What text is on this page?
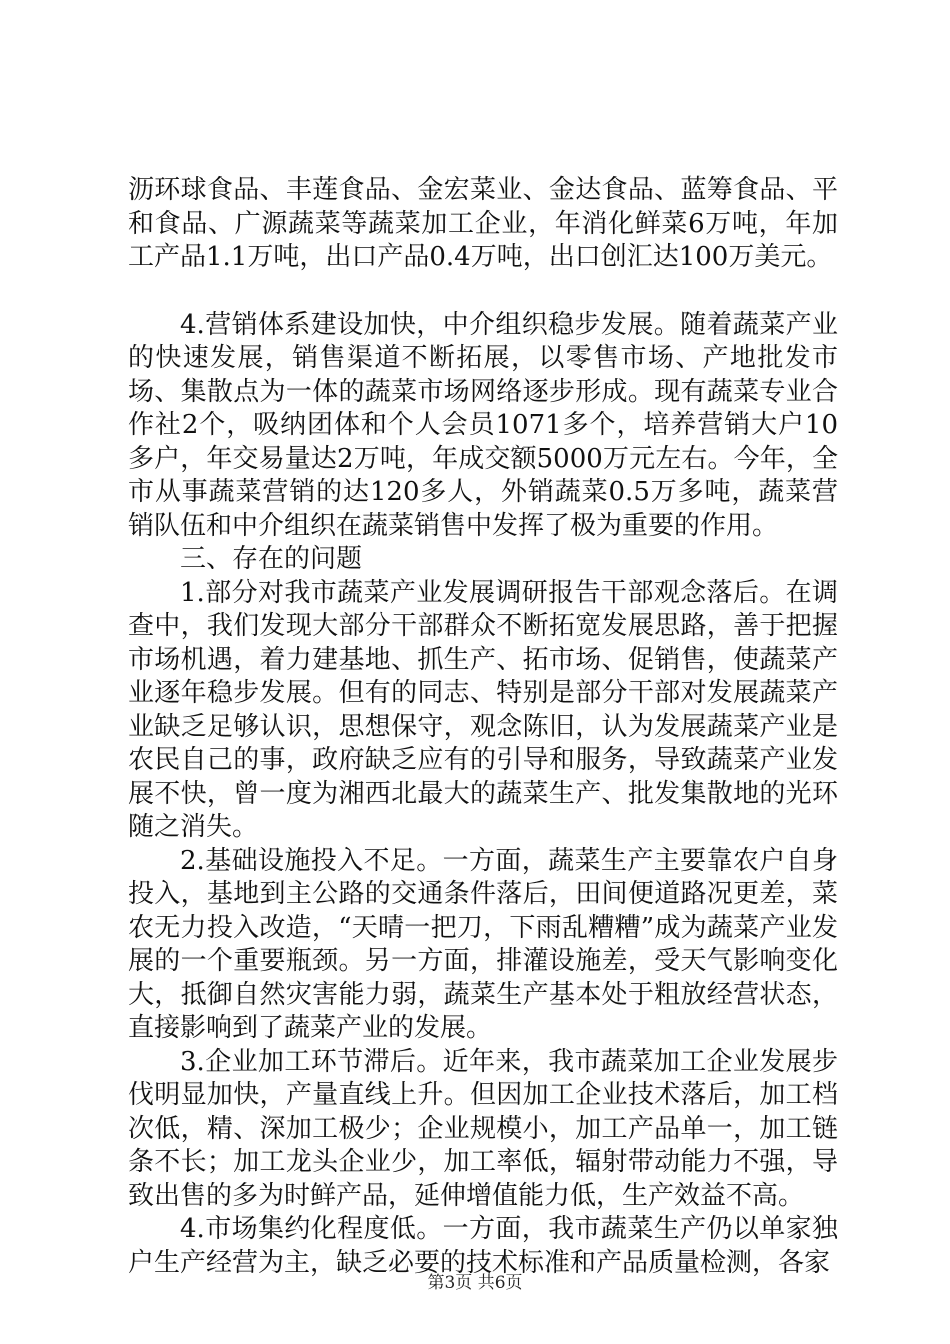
沥环球食品、丰莲食品、金宏菜业、金达食品、蓝筹食品、平和食品、广源蔬菜等蔬菜加工企业，年消化鲜菜6万吨，年加工产品1.1万吨，出口产品0.4万吨，出口创汇达100万美元。

4.营销体系建设加快，中介组织稳步发展。随着蔬菜产业的快速发展，销售渠道不断拓展，以零售市场、产地批发市场、集散点为一体的蔬菜市场网络逐步形成。现有蔬菜专业合作社2个，吸纳团体和个人会员1071多个，培养营销大户10多户，年交易量达2万吨，年成交额5000万元左右。今年，全市从事蔬菜营销的达120多人，外销蔬菜0.5万多吨，蔬菜营销队伍和中介组织在蔬菜销售中发挥了极为重要的作用。

三、存在的问题

1.部分对我市蔬菜产业发展调研报告干部观念落后。在调查中，我们发现大部分干部群众不断拓宽发展思路，善于把握市场机遇，着力建基地、抓生产、拓市场、促销售，使蔬菜产业逐年稳步发展。但有的同志、特别是部分干部对发展蔬菜产业缺乏足够认识，思想保守，观念陈旧，认为发展蔬菜产业是农民自己的事，政府缺乏应有的引导和服务，导致蔬菜产业发展不快，曾一度为湘西北最大的蔬菜生产、批发集散地的光环随之消失。

2.基础设施投入不足。一方面，蔬菜生产主要靠农户自身投入，基地到主公路的交通条件落后，田间便道路况更差，菜农无力投入改造，“天晴一把刀，下雨乱糟糟”成为蔬菜产业发展的一个重要瓶颈。另一方面，排灌设施差，受天气影响变化大，抵御自然灾害能力弱，蔬菜生产基本处于粗放经营状态，直接影响到了蔬菜产业的发展。

3.企业加工环节滞后。近年来，我市蔬菜加工企业发展步伐明显加快，产量直线上升。但因加工企业技术落后，加工档次低，精、深加工极少；企业规模小，加工产品单一，加工链条不长；加工龙头企业少，加工率低，辐射带动能力不强，导致出售的多为时鲜产品，延伸增值能力低，生产效益不高。

4.市场集约化程度低。一方面，我市蔬菜生产仍以单家独户生产经营为主，缺乏必要的技术标准和产品质量检测，各家

第3页 共6页
